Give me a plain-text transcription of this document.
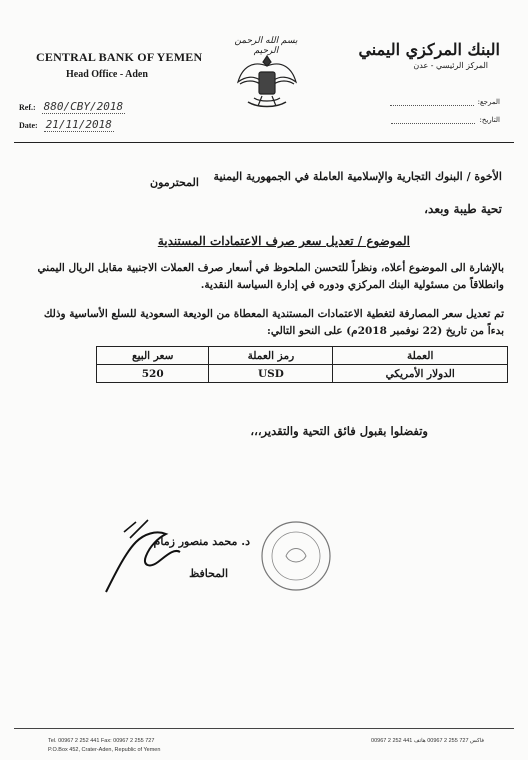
CENTRAL BANK OF YEMEN
Head Office - Aden
Ref.: 880/CBY/2018
Date: 21/11/2018
بسم الله الرحمن الرحيم	البنك المركزي اليمني
المركز الرئيسي - عدن
المرجع:
التاريخ:
الأخوة / البنوك التجارية والإسلامية العاملة في الجمهورية اليمنية
المحترمون
تحية طيبة وبعد،
الموضوع / تعديل سعر صرف الاعتمادات المستندية
بالإشارة الى الموضوع أعلاه، ونظراً للتحسن الملحوظ في أسعار صرف العملات الاجنبية مقابل الريال اليمني وانطلاقاً من مسئولية البنك المركزي ودوره في إدارة السياسة النقدية.
تم تعديل سعر المصارفة لتغطية الاعتمادات المستندية المعطاة من الوديعة السعودية للسلع الأساسية وذلك بدءاً من تاريخ (22 نوفمبر 2018م) على النحو التالي:
العملة	رمز العملة	سعر البيع
الدولار الأمريكي	USD	520
وتفضلوا بقبول فائق التحية والتقدير،،،
د. محمد منصور زمام
المحافظ
Tel. 00967 2 252 441 Fax: 00967 2 255 727
P.O.Box 452, Crater-Aden, Republic of Yemen
فاكس 727 255 2 00967 هاتف 441 252 2 00967
